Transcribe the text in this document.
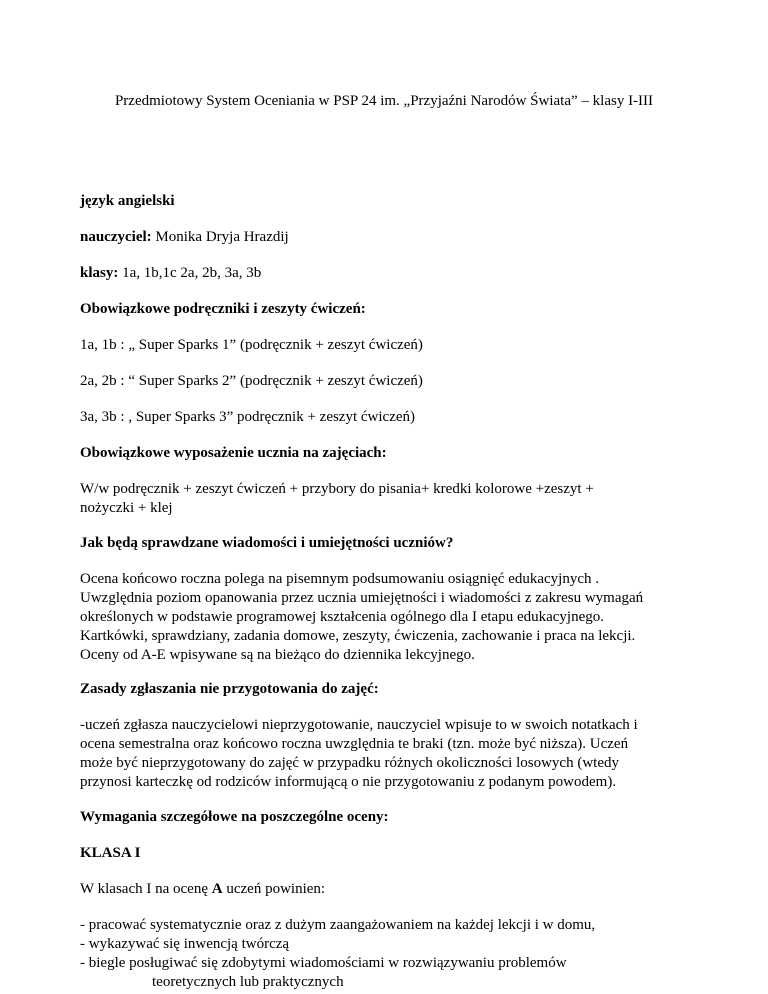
Przedmiotowy System Oceniania w PSP 24 im. „Przyjaźni Narodów Świata” – klasy I-III

język angielski

nauczyciel: Monika Dryja Hrazdij

klasy: 1a, 1b,1c 2a, 2b, 3a, 3b

Obowiązkowe podręczniki i zeszyty ćwiczeń:

1a, 1b : „ Super Sparks 1” (podręcznik + zeszyt ćwiczeń)

2a, 2b : “ Super Sparks 2” (podręcznik + zeszyt ćwiczeń)

3a, 3b : , Super Sparks 3” podręcznik + zeszyt ćwiczeń)

Obowiązkowe wyposażenie ucznia na zajęciach:

W/w podręcznik + zeszyt ćwiczeń + przybory do pisania+ kredki kolorowe +zeszyt +
nożyczki + klej

Jak będą sprawdzane wiadomości i umiejętności uczniów?

Ocena końcowo roczna polega na pisemnym podsumowaniu osiągnięć edukacyjnych .
Uwzględnia poziom opanowania przez ucznia umiejętności i wiadomości z zakresu wymagań
określonych w podstawie programowej kształcenia ogólnego dla I etapu edukacyjnego.
Kartkówki, sprawdziany, zadania domowe, zeszyty, ćwiczenia, zachowanie i praca na lekcji.
Oceny od A-E wpisywane są na bieżąco do dziennika lekcyjnego.

Zasady zgłaszania nie przygotowania do zajęć:

-uczeń zgłasza nauczycielowi nieprzygotowanie, nauczyciel wpisuje to w swoich notatkach i
ocena semestralna oraz końcowo roczna uwzględnia te braki (tzn. może być niższa). Uczeń
może być nieprzygotowany do zajęć w przypadku różnych okoliczności losowych (wtedy
przynosi karteczkę od rodziców informującą o nie przygotowaniu z podanym powodem).

Wymagania szczegółowe na poszczególne oceny:

KLASA I

W klasach I na ocenę A uczeń powinien:

- pracować systematycznie oraz z dużym zaangażowaniem na każdej lekcji i w domu,
- wykazywać się inwencją twórczą
- biegle posługiwać się zdobytymi wiadomościami w rozwiązywaniu problemów
teoretycznych lub praktycznych
